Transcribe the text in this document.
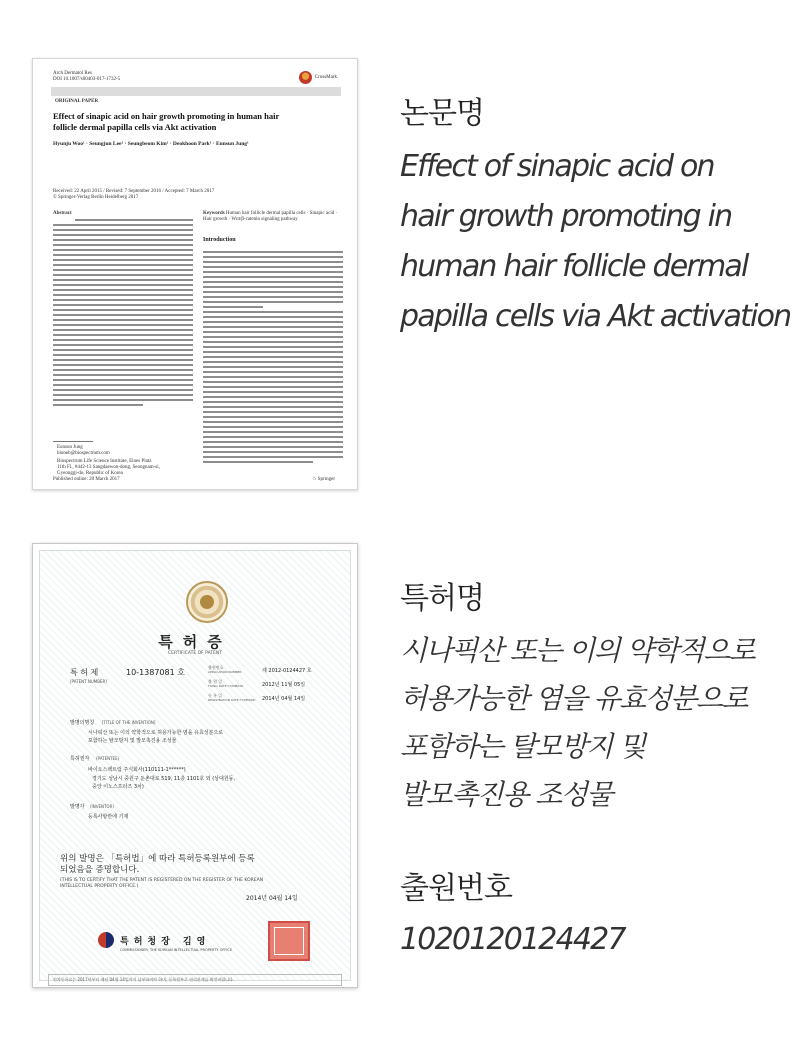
Arch Dermatol Res
DOI 10.1007/s00403-017-1732-5	CrossMark
ORIGINAL PAPER
Effect of sinapic acid on hair growth promoting in human hair
follicle dermal papilla cells via Akt activation
Hyunju Woo¹ · Seungjun Lee¹ · Seungbeom Kim¹ · Deokhoon Park¹ · Eunsun Jung¹
Received: 22 April 2015 / Revised: 7 September 2016 / Accepted: 7 March 2017
© Springer-Verlag Berlin Heidelberg 2017
Abstract
Eunsun Jung
bioneb@biospectrum.com
Biospectrum Life Science Institute, Eines Platz 11th Fl., #442-13 Sangdaewon-dong, Seongnam-si, Gyeonggi-do, Republic of Korea
Published online: 20 March 2017
Keywords Human hair follicle dermal papilla cells · Sinapic acid · Hair growth · Wnt/β-catenin signaling pathway
Introduction
♘ Springer
특허증
CERTIFICATE OF PATENT
특 허 제	10-1387081 호
[PATENT NUMBER]
출원번호
APPLICATION NUMBER	제 2012-0124427 호
출 원 일
FILING DATE:YY/MM/DD	2012년 11월 05일
등 록 일
REGISTRATION DATE:YY/MM/DD 2014년 04월 14일
발명의명칭 [TITLE OF THE INVENTION]
시나픽산 또는 이의 약학적으로 허용가능한 염을 유효성분으로
포함하는 탈모방지 및 발모촉진용 조성물
특허권자 (PATENTEE)
바이오스펙트럼 주식회사(110111-1******)
경기도 성남시 중원구 둔촌대로 519, 11층 1101호 외 (상대원동,
중앙 이노스프라즈 3차)
발명자 (INVENTOR)
등록사항란에 기재
위의 발명은 「특허법」에 따라 특허등록원부에 등록
되었음을 증명합니다.
(THIS IS TO CERTIFY THAT THE PATENT IS REGISTERED ON THE REGISTER OF THE KOREAN
INTELLECTUAL PROPERTY OFFICE.)
2014년 04월 14일
특허청장 김영
COMMISSIONER, THE KOREAN INTELLECTUAL PROPERTY OFFICE
연차등록료는 2017년부터 매년 04월 14일까지 납부하여야 하며, 등록원부로 권리관계를 확인바랍니다.
논문명
Effect of sinapic acid on
hair growth promoting in
human hair follicle dermal
papilla cells via Akt activation
특허명
시나픽산 또는 이의 약학적으로
허용가능한 염을 유효성분으로
포함하는 탈모방지 및
발모촉진용 조성물
출원번호
1020120124427
